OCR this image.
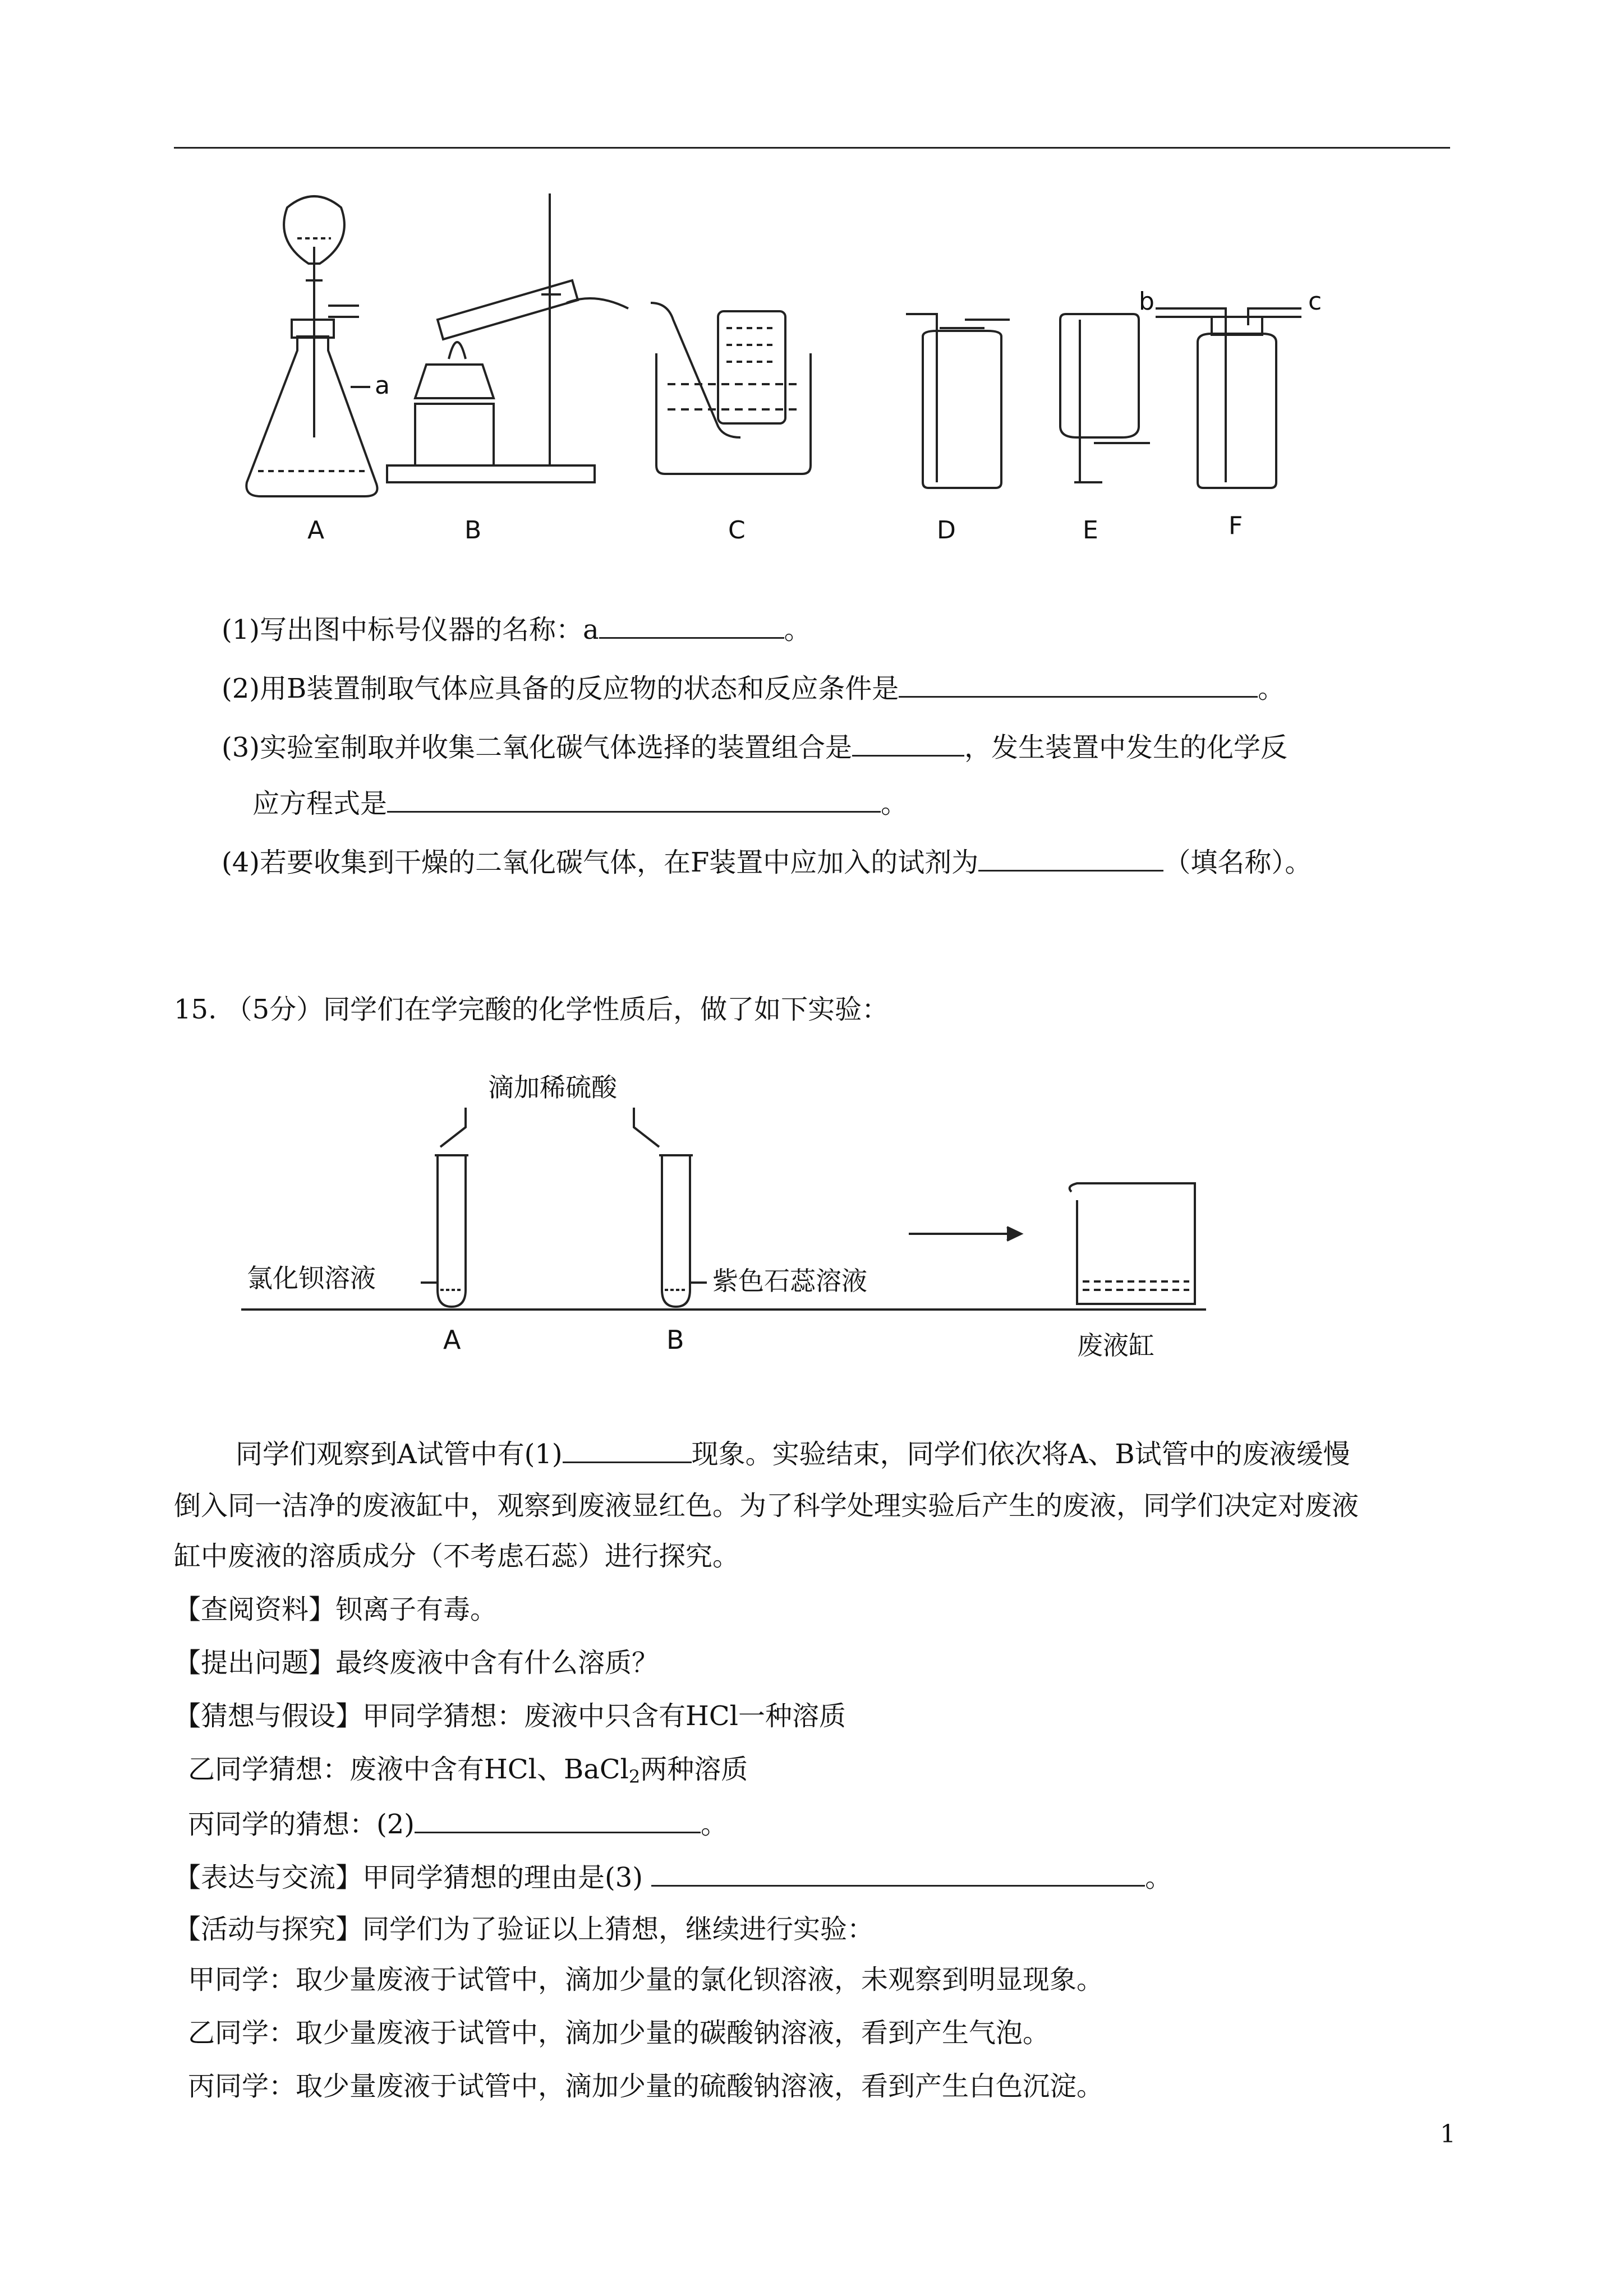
a
b	c
A	B	C	D	E	F
(1)写出图中标号仪器的名称：a	。
(2)用B装置制取气体应具备的反应物的状态和反应条件是	。
(3)实验室制取并收集二氧化碳气体选择的装置组合是	，发生装置中发生的化学反
应方程式是	。
(4)若要收集到干燥的二氧化碳气体，在F装置中应加入的试剂为	（填名称）。
15. （5分）同学们在学完酸的化学性质后，做了如下实验：
滴加稀硫酸
氯化钡溶液	紫色石蕊溶液
A	B	废液缸
同学们观察到A试管中有(1)	现象。实验结束，同学们依次将A、B试管中的废液缓慢
倒入同一洁净的废液缸中，观察到废液显红色。为了科学处理实验后产生的废液，同学们决定对废液
缸中废液的溶质成分（不考虑石蕊）进行探究。
【查阅资料】钡离子有毒。
【提出问题】最终废液中含有什么溶质？
【猜想与假设】甲同学猜想：废液中只含有HCl一种溶质
乙同学猜想：废液中含有HCl、BaCl$_2$两种溶质
丙同学的猜想：(2)	。
【表达与交流】甲同学猜想的理由是(3)	。
【活动与探究】同学们为了验证以上猜想，继续进行实验：
甲同学：取少量废液于试管中，滴加少量的氯化钡溶液，未观察到明显现象。
乙同学：取少量废液于试管中，滴加少量的碳酸钠溶液，看到产生气泡。
丙同学：取少量废液于试管中，滴加少量的硫酸钠溶液，看到产生白色沉淀。
1
